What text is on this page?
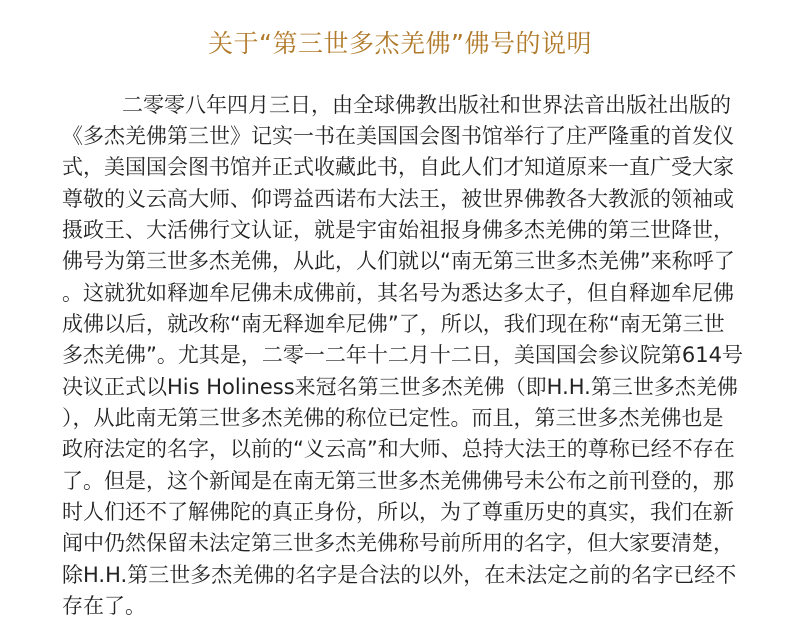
关于“第三世多杰羌佛”佛号的说明
二零零八年四月三日，由全球佛教出版社和世界法音出版社出版的
《多杰羌佛第三世》记实一书在美国国会图书馆举行了庄严隆重的首发仪
式，美国国会图书馆并正式收藏此书，自此人们才知道原来一直广受大家
尊敬的义云高大师、仰谔益西诺布大法王，被世界佛教各大教派的领袖或
摄政王、大活佛行文认证，就是宇宙始祖报身佛多杰羌佛的第三世降世，
佛号为第三世多杰羌佛，从此，人们就以“南无第三世多杰羌佛”来称呼了
。这就犹如释迦牟尼佛未成佛前，其名号为悉达多太子，但自释迦牟尼佛
成佛以后，就改称“南无释迦牟尼佛”了，所以，我们现在称“南无第三世
多杰羌佛”。尤其是，二零一二年十二月十二日，美国国会参议院第614号
决议正式以His Holiness来冠名第三世多杰羌佛（即H.H.第三世多杰羌佛
），从此南无第三世多杰羌佛的称位已定性。而且，第三世多杰羌佛也是
政府法定的名字，以前的“义云高”和大师、总持大法王的尊称已经不存在
了。但是，这个新闻是在南无第三世多杰羌佛佛号未公布之前刊登的，那
时人们还不了解佛陀的真正身份，所以，为了尊重历史的真实，我们在新
闻中仍然保留未法定第三世多杰羌佛称号前所用的名字，但大家要清楚，
除H.H.第三世多杰羌佛的名字是合法的以外，在未法定之前的名字已经不
存在了。
